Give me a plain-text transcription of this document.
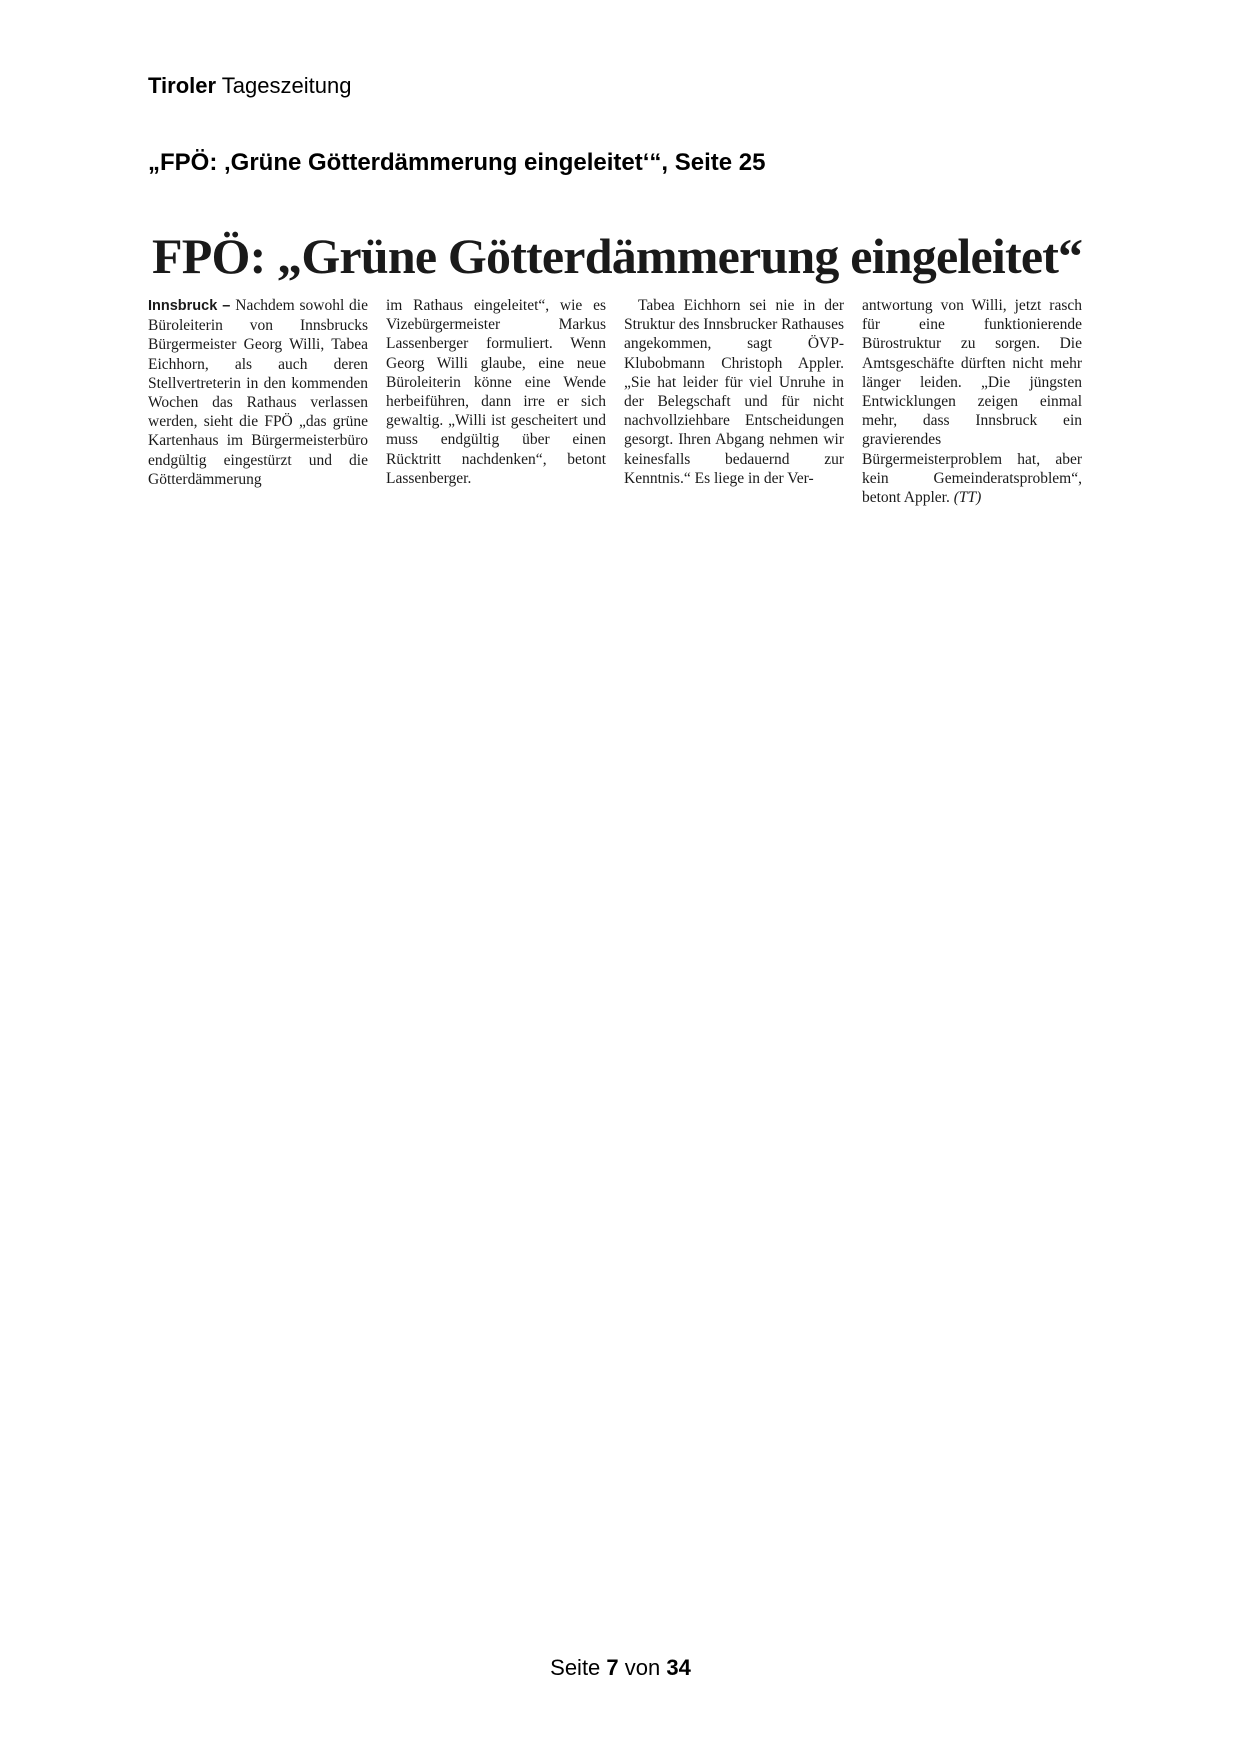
Tiroler Tageszeitung
„FPÖ: ‚Grüne Götterdämmerung eingeleitet‘“, Seite 25
FPÖ: „Grüne Götterdämmerung eingeleitet“

Innsbruck – Nachdem sowohl die Büroleiterin von Innsbrucks Bürgermeister Georg Willi, Tabea Eichhorn, als auch deren Stellvertreterin in den kommenden Wochen das Rathaus verlassen werden, sieht die FPÖ „das grüne Kartenhaus im Bürgermeisterbüro endgültig eingestürzt und die Götterdämmerung

im Rathaus eingeleitet“, wie es Vizebürgermeister Markus Lassenberger formuliert. Wenn Georg Willi glaube, eine neue Büroleiterin könne eine Wende herbeiführen, dann irre er sich gewaltig. „Willi ist gescheitert und muss endgültig über einen Rücktritt nachdenken“, betont Lassenberger.

Tabea Eichhorn sei nie in der Struktur des Innsbrucker Rathauses angekommen, sagt ÖVP-Klubobmann Christoph Appler. „Sie hat leider für viel Unruhe in der Belegschaft und für nicht nachvollziehbare Entscheidungen gesorgt. Ihren Abgang nehmen wir keinesfalls bedauernd zur Kenntnis.“ Es liege in der Ver-

antwortung von Willi, jetzt rasch für eine funktionierende Bürostruktur zu sorgen. Die Amtsgeschäfte dürften nicht mehr länger leiden. „Die jüngsten Entwicklungen zeigen einmal mehr, dass Innsbruck ein gravierendes Bürgermeisterproblem hat, aber kein Gemeinderatsproblem“, betont Appler. (TT)

Seite 7 von 34
